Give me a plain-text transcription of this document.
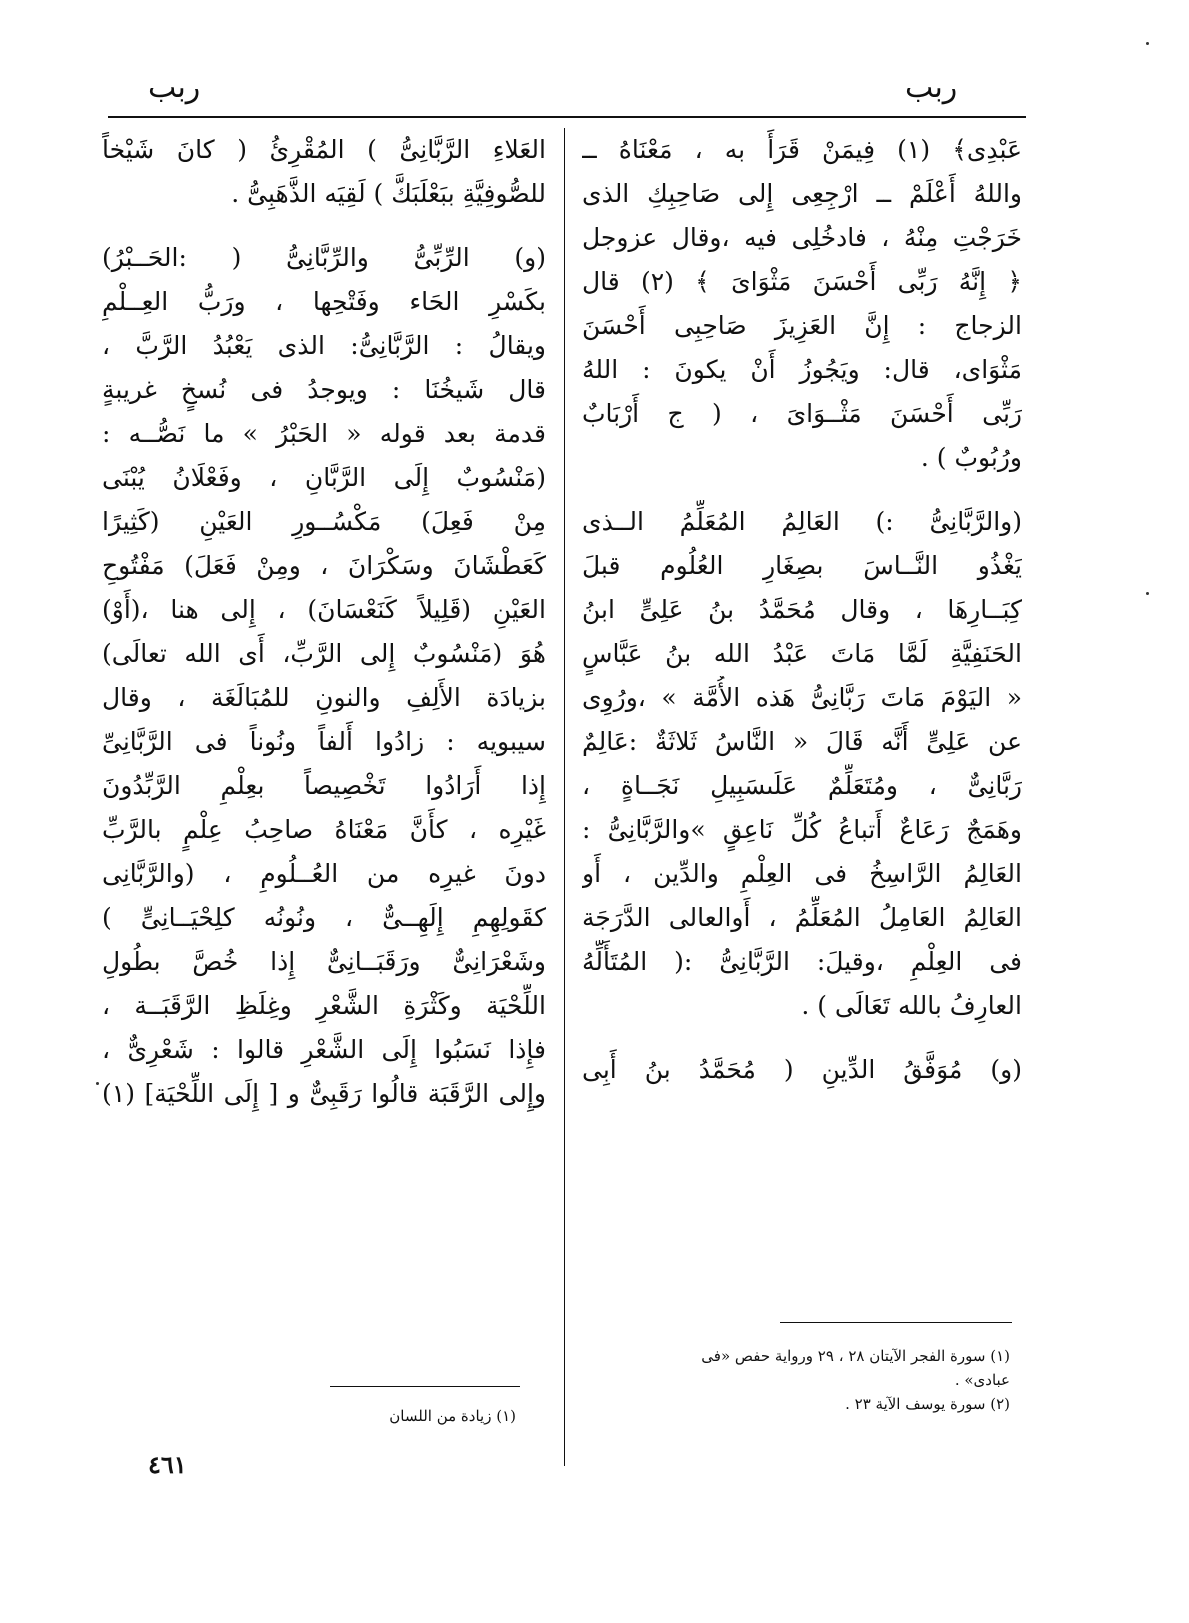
ربب
ربب
عَبْدِى﴾ (١) فِيمَنْ قَرَأَ به ، مَعْنَاهُ ــ
واللهُ أَعْلَمْ ــ ارْجِعِى إِلى صَاحِبِكِ الذى
خَرَجْتِ مِنْهُ ، فادخُلِى فيه ،وقال عزوجل
﴿ إِنَّهُ رَبِّى أَحْسَنَ مَثْوَاىَ ﴾ (٢) قال
الزجاج : إِنَّ العَزِيزَ صَاحِبِى أَحْسَنَ
مَثْوَاى، قال: ويَجُوزُ أَنْ يكونَ : اللهُ
رَبِّى أَحْسَنَ مَثْــوَاىَ ، ( ج أَرْبَابٌ
ورُبُوبٌ ) .
(والرَّبَّانِىُّ :) العَالِمُ المُعَلِّمُ الــذى
يَغْذُو النَّــاسَ بصِغَارِ العُلُوم قبلَ
كِبَــارِهَا ، وقال مُحَمَّدُ بنُ عَلِىٍّ ابنُ
الحَنَفِيَّةِ لَمَّا مَاتَ عَبْدُ الله بنُ عَبَّاسٍ
« اليَوْمَ مَاتَ رَبَّانِىُّ هَذه الأُمَّة » ،ورُوِى
عن عَلِىٍّ أَنَّه قَالَ « النَّاسُ ثَلاثَةٌ :عَالِمٌ
رَبَّانِىٌّ ، ومُتَعَلِّمٌ عَلَىسَبِيلِ نَجَــاةٍ ،
وهَمَجٌ رَعَاعٌ أَتباعُ كُلِّ نَاعِقٍ »والرَّبَّانِىُّ :
العَالِمُ الرَّاسِخُ فى العِلْمِ والدِّين ، أَو
العَالِمُ العَامِلُ المُعَلِّمُ ، أَوالعالى الدَّرَجَة
فى العِلْمِ ،وقيلَ: الرَّبَّانِىُّ :( المُتَأَلِّهُ
العارِفُ بالله تَعَالَى ) .
(و) مُوَفَّقُ الدِّينِ ( مُحَمَّدُ بنُ أَبِى
العَلاءِ الرَّبَّانِىُّ ) المُقْرِئُ ( كانَ شَيْخاً
للصُّوفِيَّةِ ببَعْلَبَكَّ ) لَقِيَه الذَّهَبِىُّ .
(و) الرِّبِّىُّ والرِّبَّانِىُّ ( :الحَــبْرُ)
بكَسْرِ الحَاء وفَتْحِها ، ورَبُّ العِــلْمِ
ويقالُ : الرَّبَّانِىُّ: الذى يَعْبُدُ الرَّبَّ ،
قال شَيخُنَا : ويوجدُ فى نُسخٍ غريبةٍ
قدمة بعد قوله « الحَبْرُ » ما نَصُّــه :
(مَنْسُوبٌ إِلَى الرَّبَّانِ ، وفَعْلَانُ يُبْنَى
مِنْ فَعِلَ) مَكْسُــورِ العَيْنِ (كَثِيرًا
كَعَطْشَانَ وسَكْرَانَ ، ومِنْ فَعَلَ) مَفْتُوحِ
العَيْنِ (قَلِيلاً كَنَعْسَانَ) ، إِلى هنا ،(أَوْ)
هُوَ (مَنْسُوبٌ إِلى الرَّبِّ، أَى الله تعالَى)
بزيادَة الأَلِفِ والنونِ للمُبَالَغَة ، وقال
سيبويه : زادُوا أَلفاً ونُوناً فى الرَّبَّانِىِّ
إِذا أَرَادُوا تَخْصِيصاً بعِلْمِ الرَّبِّدُونَ
غَيْرِه ، كأَنَّ مَعْنَاهُ صاحِبُ عِلْمٍ بالرَّبِّ
دونَ غيرِه من العُــلُومِ ، (والرَّبَّانِى
كقَولِهِمِ إِلَهِــىٌّ ، ونُونُه كلِحْيَــانِىٍّ )
وشَعْرَانِىٌّ ورَقَبَــانِىٌّ إِذا خُصَّ بطُولِ
اللِّحْيَة وكَثْرَةِ الشَّعْرِ وغِلَظِ الرَّقَبَــة ،
فإِذا نَسَبُوا إِلَى الشَّعْرِ قالوا : شَعْرِىٌّ ،
وإِلى الرَّقَبَة قالُوا رَقَبِىٌّ و [ إِلَى اللِّحْيَة] (١)
(١) سورة الفجر الآيتان ٢٨ ، ٢٩ ورواية حفص «فى
عبادى» .
(٢) سورة يوسف الآية ٢٣ .
(١) زيادة من اللسان
٤٦١
